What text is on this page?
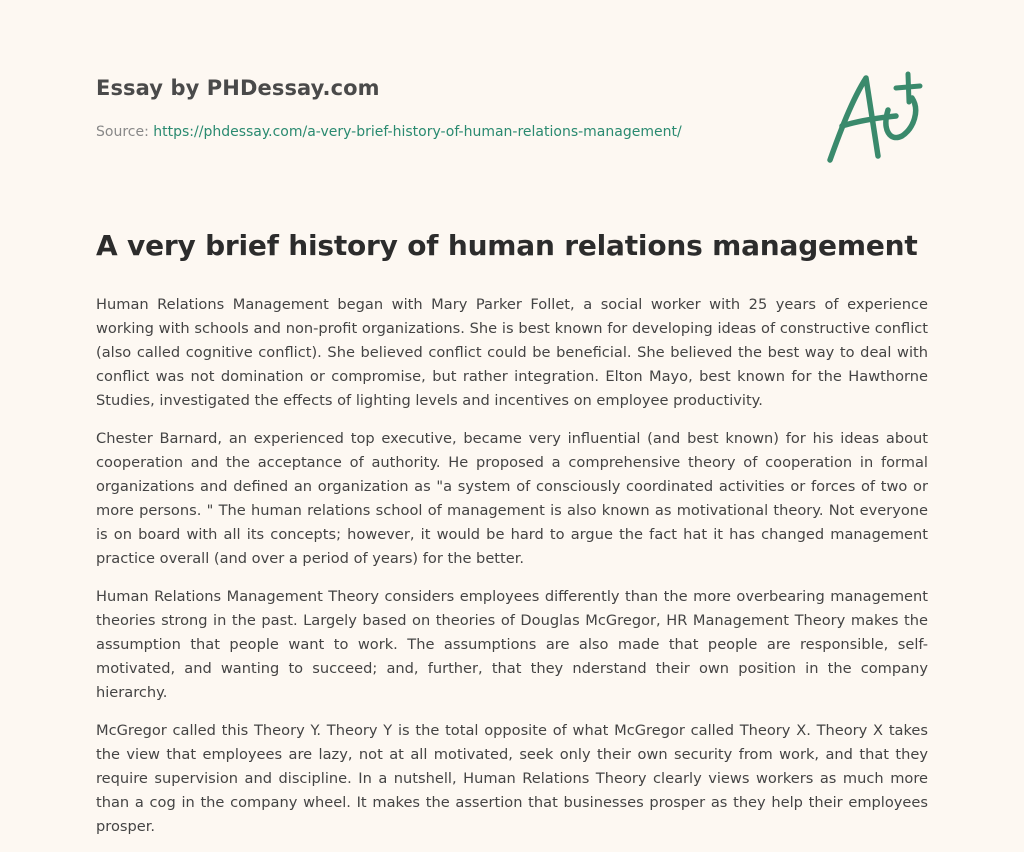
Essay by PHDessay.com
Source: https://phdessay.com/a-very-brief-history-of-human-relations-management/
A very brief history of human relations management

Human Relations Management began with Mary Parker Follet, a social worker with 25 years of experience working with schools and non-profit organizations. She is best known for developing ideas of constructive conflict (also called cognitive conflict). She believed conflict could be beneficial. She believed the best way to deal with conflict was not domination or compromise, but rather integration. Elton Mayo, best known for the Hawthorne Studies, investigated the effects of lighting levels and incentives on employee productivity.

Chester Barnard, an experienced top executive, became very influential (and best known) for his ideas about cooperation and the acceptance of authority. He proposed a comprehensive theory of cooperation in formal organizations and defined an organization as "a system of consciously coordinated activities or forces of two or more persons. " The human relations school of management is also known as motivational theory. Not everyone is on board with all its concepts; however, it would be hard to argue the fact hat it has changed management practice overall (and over a period of years) for the better.

Human Relations Management Theory considers employees differently than the more overbearing management theories strong in the past. Largely based on theories of Douglas McGregor, HR Management Theory makes the assumption that people want to work. The assumptions are also made that people are responsible, self-motivated, and wanting to succeed; and, further, that they nderstand their own position in the company hierarchy.

McGregor called this Theory Y. Theory Y is the total opposite of what McGregor called Theory X. Theory X takes the view that employees are lazy, not at all motivated, seek only their own security from work, and that they require supervision and discipline. In a nutshell, Human Relations Theory clearly views workers as much more than a cog in the company wheel. It makes the assertion that businesses prosper as they help their employees prosper.
